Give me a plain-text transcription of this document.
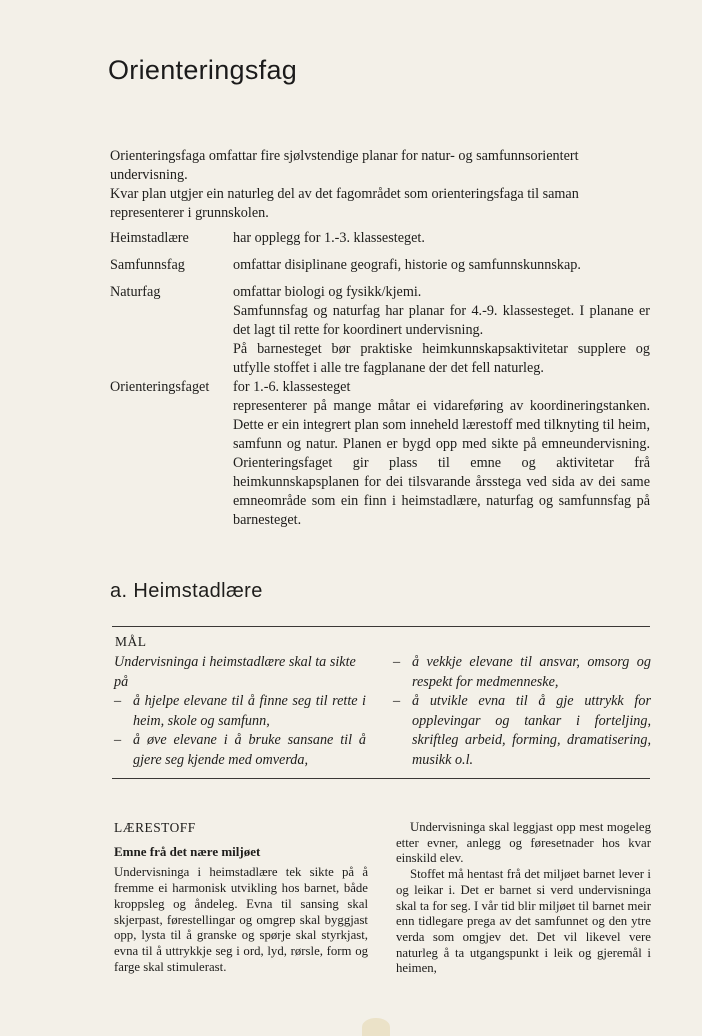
Orienteringsfag

Orienteringsfaga omfattar fire sjølvstendige planar for natur- og samfunnsorientert undervisning.

Kvar plan utgjer ein naturleg del av det fagområdet som orienteringsfaga til saman representerer i grunnskolen.

Heimstadlære	har opplegg for 1.-3. klassesteget.
Samfunnsfag	omfattar disiplinane geografi, historie og samfunnskunnskap.
Naturfag	omfattar biologi og fysikk/kjemi.
Samfunnsfag og naturfag har planar for 4.-9. klassesteget. I planane er det lagt til rette for koordinert undervisning.
På barnesteget bør praktiske heimkunnskapsaktivitetar supplere og utfylle stoffet i alle tre fagplanane der det fell naturleg.
Orienteringsfaget	for 1.-6. klassesteget
representerer på mange måtar ei vidareføring av koordineringstanken. Dette er ein integrert plan som inneheld lærestoff med tilknyting til heim, samfunn og natur. Planen er bygd opp med sikte på emneundervisning. Orienteringsfaget gir plass til emne og aktivitetar frå heimkunnskapsplanen for dei tilsvarande årsstega ved sida av dei same emneområde som ein finn i heimstadlære, naturfag og samfunnsfag på barnesteget.
a. Heimstadlære
MÅL
Undervisninga i heimstadlære skal ta sikte på
– å hjelpe elevane til å finne seg til rette i heim, skole og samfunn,
– å øve elevane i å bruke sansane til å gjere seg kjende med omverda,
– å vekkje elevane til ansvar, omsorg og respekt for medmenneske,
– å utvikle evna til å gje uttrykk for opplevingar og tankar i forteljing, skriftleg arbeid, forming, dramatisering, musikk o.l.

LÆRESTOFF

Emne frå det nære miljøet

Undervisninga i heimstadlære tek sikte på å fremme ei harmonisk utvikling hos barnet, både kroppsleg og åndeleg. Evna til sansing skal skjerpast, førestellingar og omgrep skal byggjast opp, lysta til å granske og spørje skal styrkjast, evna til å uttrykkje seg i ord, lyd, rørsle, form og farge skal stimulerast.

Undervisninga skal leggjast opp mest mogeleg etter evner, anlegg og føresetnader hos kvar einskild elev.

Stoffet må hentast frå det miljøet barnet lever i og leikar i. Det er barnet si verd undervisninga skal ta for seg. I vår tid blir miljøet til barnet meir enn tidlegare prega av det samfunnet og den ytre verda som omgjev det. Det vil likevel vere naturleg å ta utgangspunkt i leik og gjeremål i heimen,
